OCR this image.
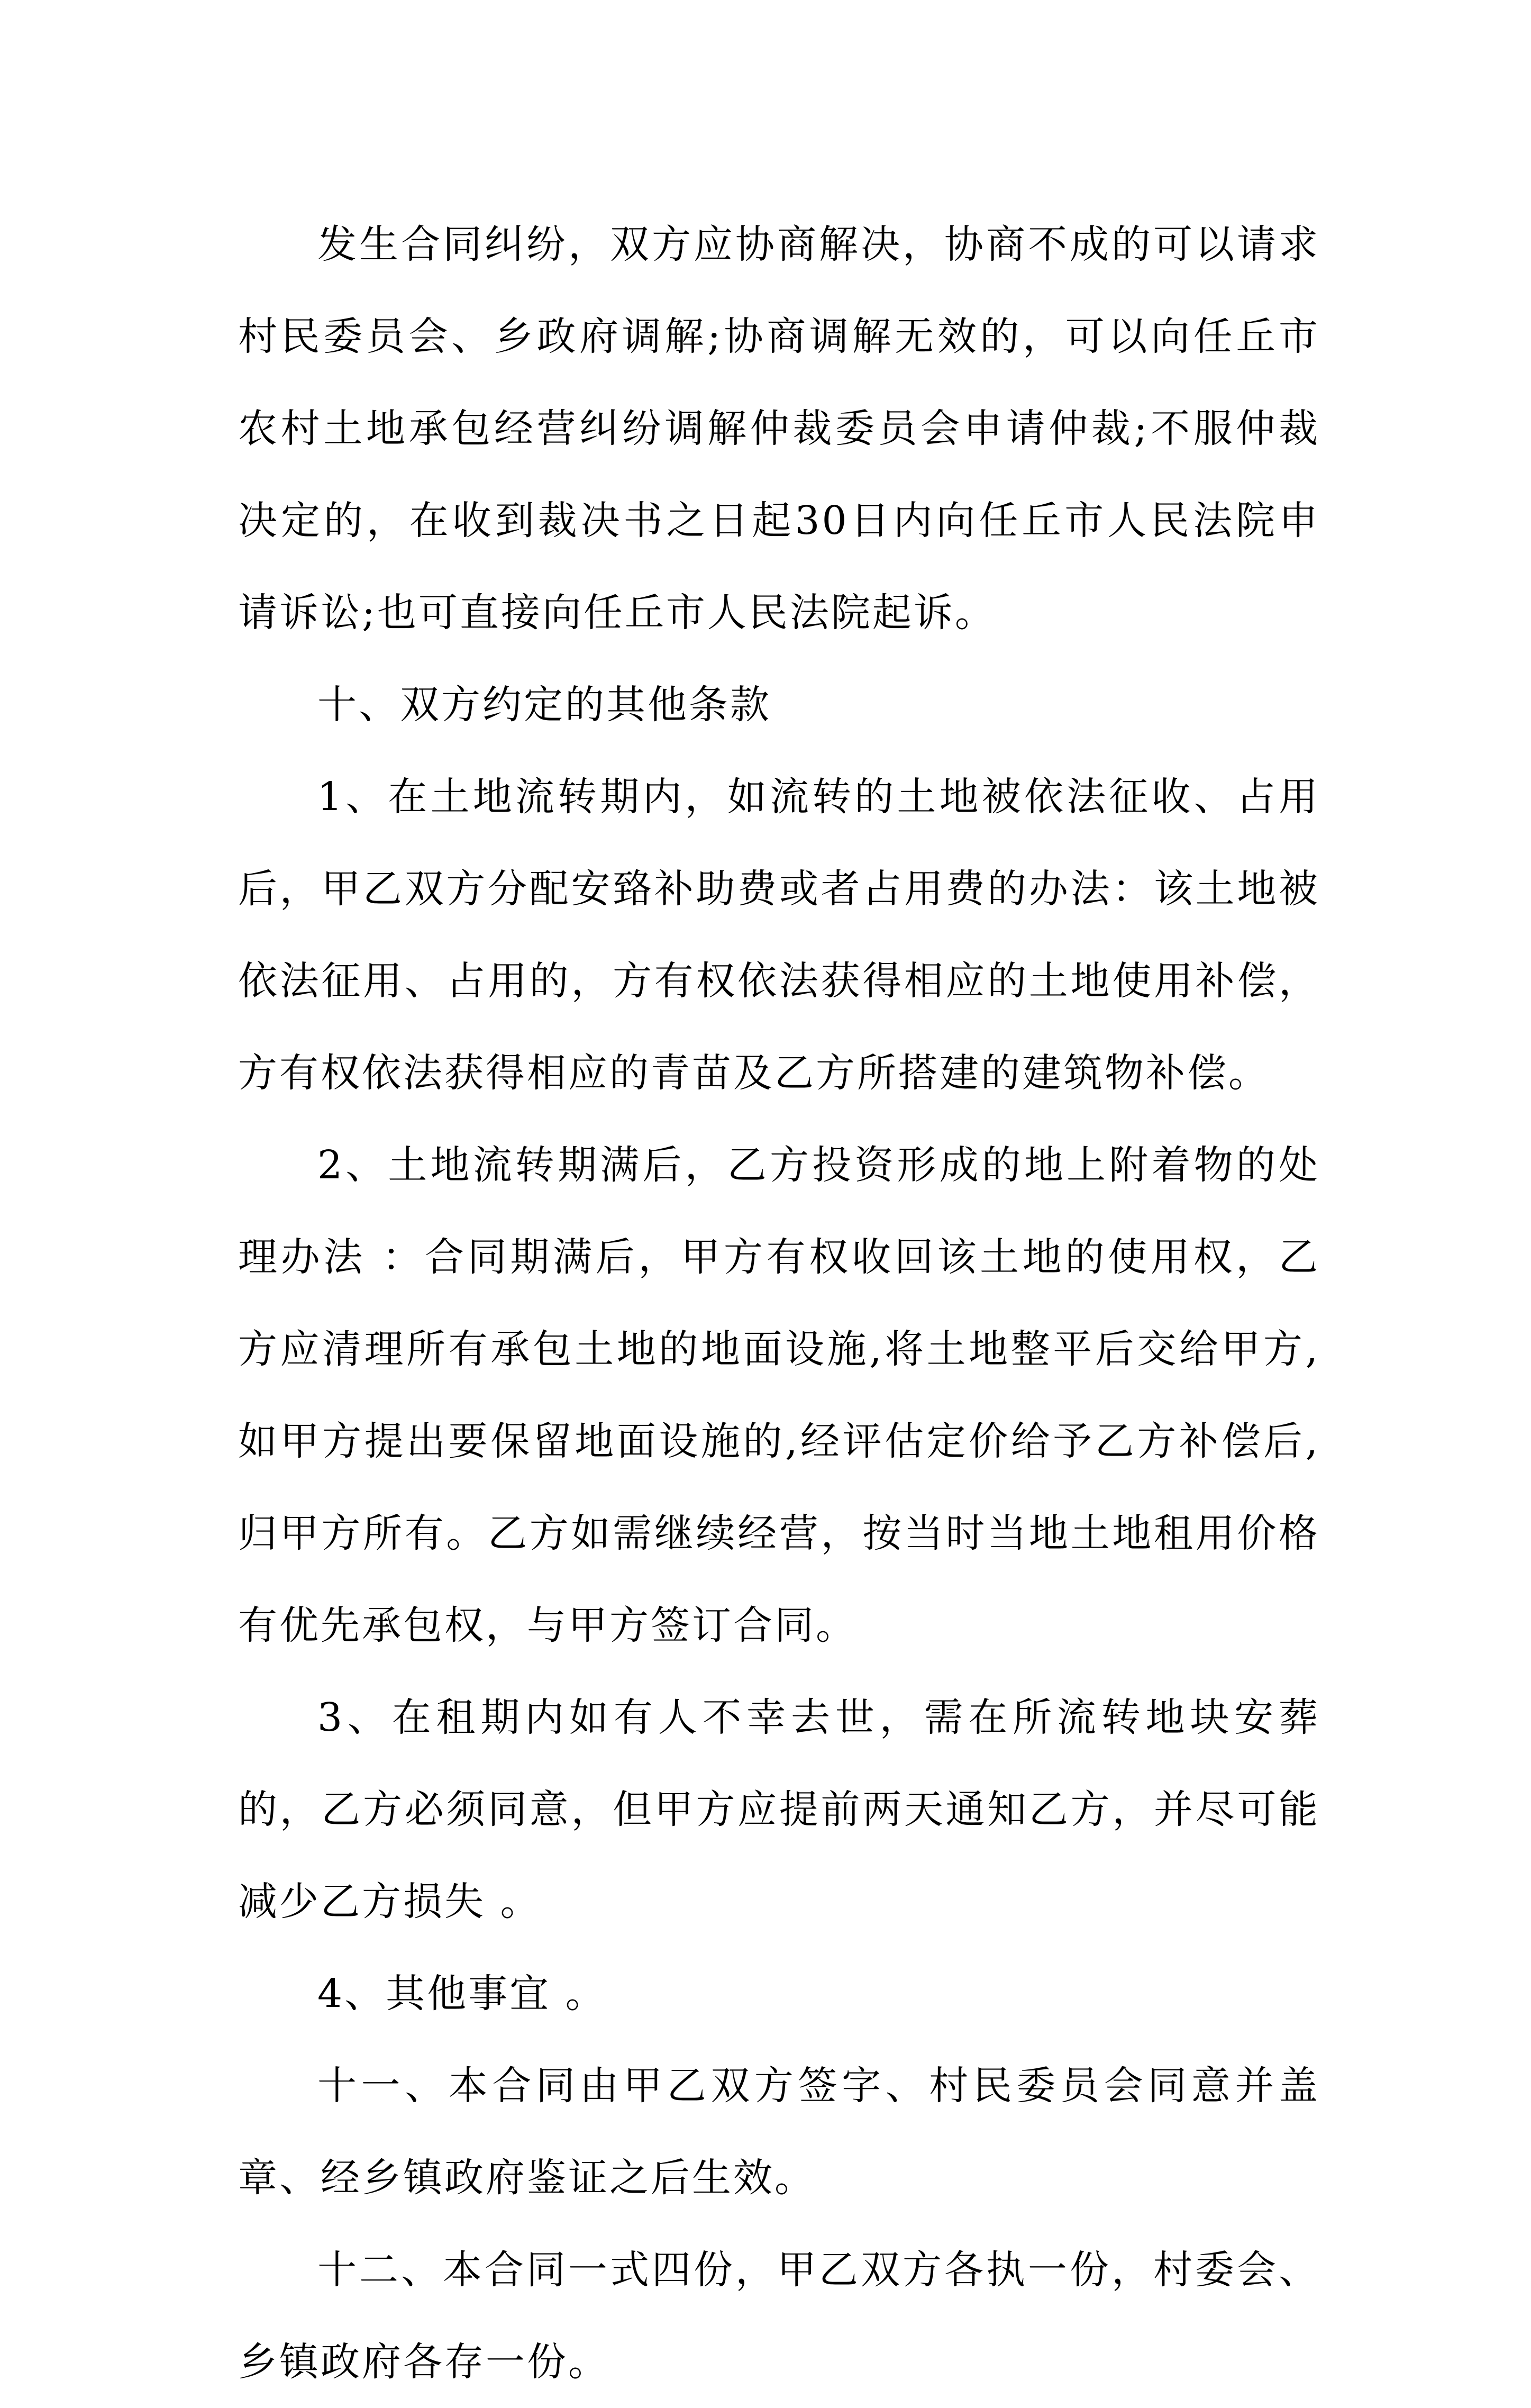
发生合同纠纷，双方应协商解决，协商不成的可以请求村民委员会、乡政府调解;协商调解无效的，可以向任丘市农村土地承包经营纠纷调解仲裁委员会申请仲裁;不服仲裁决定的，在收到裁决书之日起30日内向任丘市人民法院申请诉讼;也可直接向任丘市人民法院起诉。

十、双方约定的其他条款

1、在土地流转期内，如流转的土地被依法征收、占用后，甲乙双方分配安臵补助费或者占用费的办法：该土地被依法征用、占用的，方有权依法获得相应的土地使用补偿，方有权依法获得相应的青苗及乙方所搭建的建筑物补偿。

2、土地流转期满后，乙方投资形成的地上附着物的处理办法 ：合同期满后，甲方有权收回该土地的使用权，乙方应清理所有承包土地的地面设施,将土地整平后交给甲方,如甲方提出要保留地面设施的,经评估定价给予乙方补偿后,归甲方所有。乙方如需继续经营，按当时当地土地租用价格有优先承包权，与甲方签订合同。

3、在租期内如有人不幸去世，需在所流转地块安葬的，乙方必须同意，但甲方应提前两天通知乙方，并尽可能减少乙方损失 。

4、其他事宜 。

十一、本合同由甲乙双方签字、村民委员会同意并盖章、经乡镇政府鉴证之后生效。

十二、本合同一式四份，甲乙双方各执一份，村委会、乡镇政府各存一份。
